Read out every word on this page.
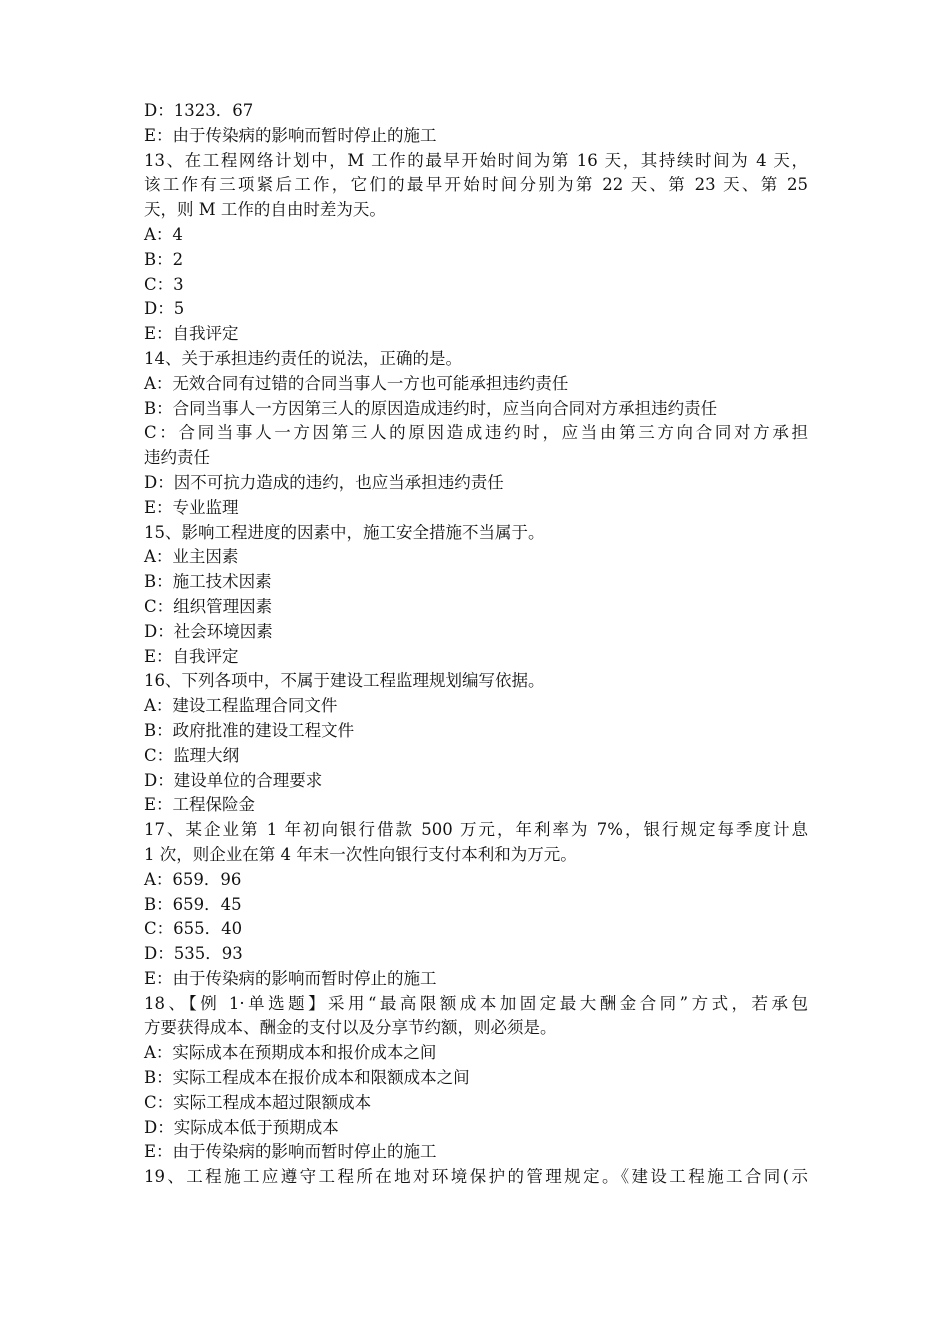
D：1323．67
E：由于传染病的影响而暂时停止的施工
13、在工程网络计划中，M 工作的最早开始时间为第 16 天，其持续时间为 4 天，
该工作有三项紧后工作，它们的最早开始时间分别为第 22 天、第 23 天、第 25
天，则 M 工作的自由时差为天。
A：4
B：2
C：3
D：5
E：自我评定
14、关于承担违约责任的说法，正确的是。
A：无效合同有过错的合同当事人一方也可能承担违约责任
B：合同当事人一方因第三人的原因造成违约时，应当向合同对方承担违约责任
C：合同当事人一方因第三人的原因造成违约时，应当由第三方向合同对方承担
违约责任
D：因不可抗力造成的违约，也应当承担违约责任
E：专业监理
15、影响工程进度的因素中，施工安全措施不当属于。
A：业主因素
B：施工技术因素
C：组织管理因素
D：社会环境因素
E：自我评定
16、下列各项中，不属于建设工程监理规划编写依据。
A：建设工程监理合同文件
B：政府批准的建设工程文件
C：监理大纲
D：建设单位的合理要求
E：工程保险金
17、某企业第 1 年初向银行借款 500 万元，年利率为 7%，银行规定每季度计息
1 次，则企业在第 4 年末一次性向银行支付本利和为万元。
A：659．96
B：659．45
C：655．40
D：535．93
E：由于传染病的影响而暂时停止的施工
18、【例 1·单选题】采用“最高限额成本加固定最大酬金合同”方式，若承包
方要获得成本、酬金的支付以及分享节约额，则必须是。
A：实际成本在预期成本和报价成本之间
B：实际工程成本在报价成本和限额成本之间
C：实际工程成本超过限额成本
D：实际成本低于预期成本
E：由于传染病的影响而暂时停止的施工
19、工程施工应遵守工程所在地对环境保护的管理规定。《建设工程施工合同(示
